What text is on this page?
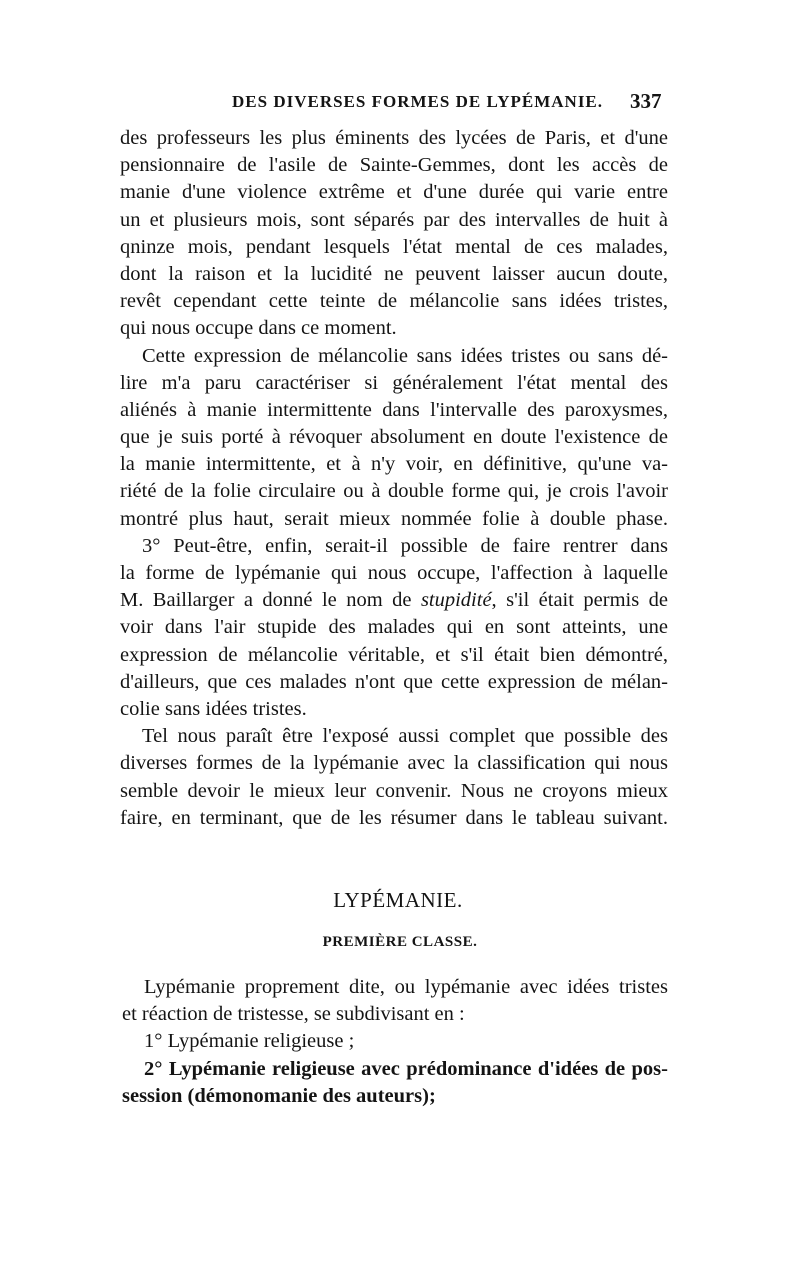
DES DIVERSES FORMES DE LYPÉMANIE.	337
des professeurs les plus éminents des lycées de Paris, et d'une
pensionnaire de l'asile de Sainte-Gemmes, dont les accès de
manie d'une violence extrême et d'une durée qui varie entre
un et plusieurs mois, sont séparés par des intervalles de huit à
qninze mois, pendant lesquels l'état mental de ces malades,
dont la raison et la lucidité ne peuvent laisser aucun doute,
revêt cependant cette teinte de mélancolie sans idées tristes,
qui nous occupe dans ce moment.
Cette expression de mélancolie sans idées tristes ou sans dé-
lire m'a paru caractériser si généralement l'état mental des
aliénés à manie intermittente dans l'intervalle des paroxysmes,
que je suis porté à révoquer absolument en doute l'existence de
la manie intermittente, et à n'y voir, en définitive, qu'une va-
riété de la folie circulaire ou à double forme qui, je crois l'avoir
montré plus haut, serait mieux nommée folie à double phase.
3° Peut-être, enfin, serait-il possible de faire rentrer dans
la forme de lypémanie qui nous occupe, l'affection à laquelle
M. Baillarger a donné le nom de stupidité, s'il était permis de
voir dans l'air stupide des malades qui en sont atteints, une
expression de mélancolie véritable, et s'il était bien démontré,
d'ailleurs, que ces malades n'ont que cette expression de mélan-
colie sans idées tristes.
Tel nous paraît être l'exposé aussi complet que possible des
diverses formes de la lypémanie avec la classification qui nous
semble devoir le mieux leur convenir. Nous ne croyons mieux
faire, en terminant, que de les résumer dans le tableau suivant.
LYPÉMANIE.
PREMIÈRE CLASSE.
Lypémanie proprement dite, ou lypémanie avec idées tristes
et réaction de tristesse, se subdivisant en :
1° Lypémanie religieuse ;
2° Lypémanie religieuse avec prédominance d'idées de pos-
session (démonomanie des auteurs);
